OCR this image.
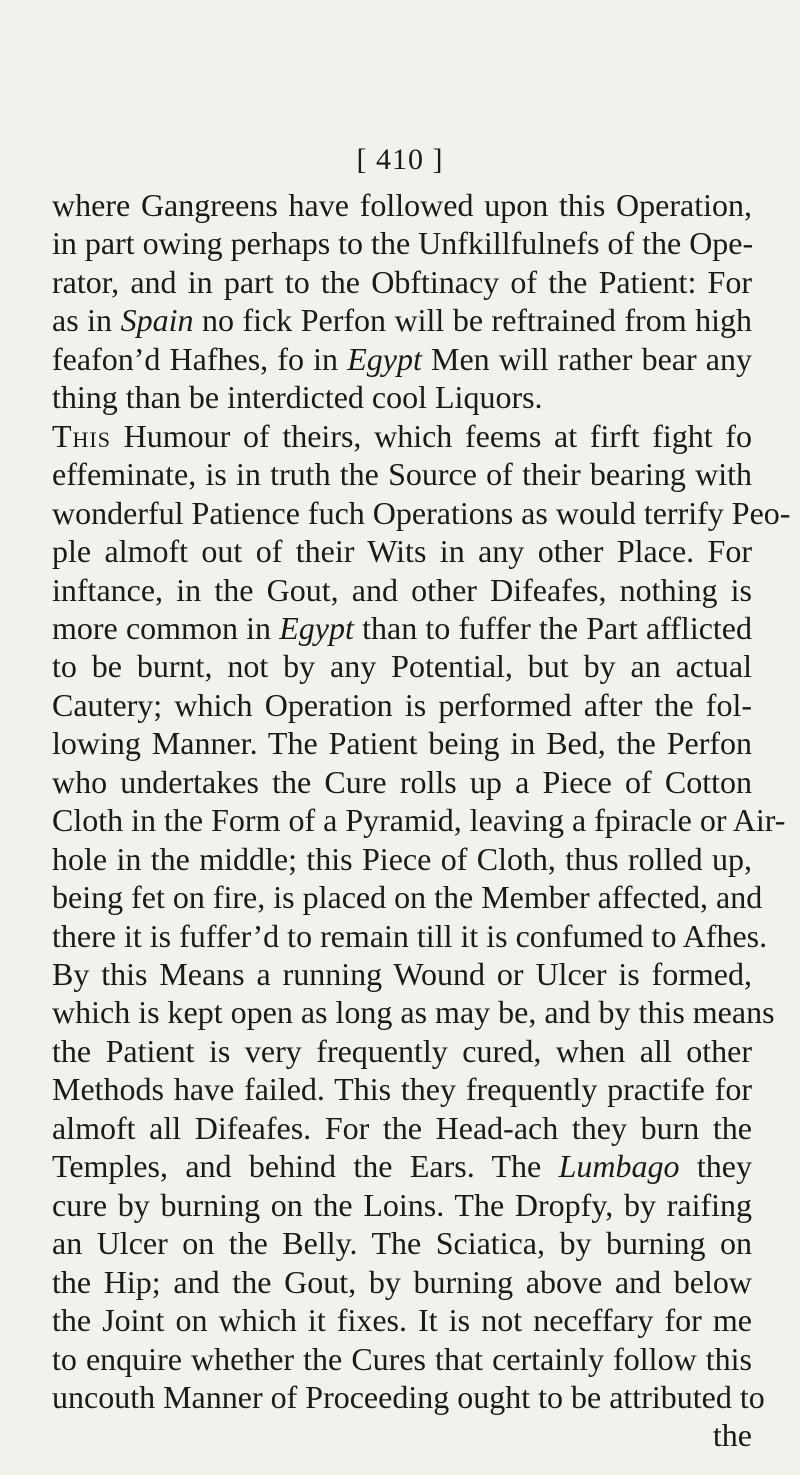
[ 410 ]
where Gangreens have followed upon this Operation,
in part owing perhaps to the Unfkillfulnefs of the Ope-
rator, and in part to the Obftinacy of the Patient: For
as in Spain no fick Perfon will be reftrained from high
feafon’d Hafhes, fo in Egypt Men will rather bear any
thing than be interdicted cool Liquors.
This Humour of theirs, which feems at firft fight fo
effeminate, is in truth the Source of their bearing with
wonderful Patience fuch Operations as would terrify Peo-
ple almoft out of their Wits in any other Place. For
inftance, in the Gout, and other Difeafes, nothing is
more common in Egypt than to fuffer the Part afflicted
to be burnt, not by any Potential, but by an actual
Cautery; which Operation is performed after the fol-
lowing Manner. The Patient being in Bed, the Perfon
who undertakes the Cure rolls up a Piece of Cotton
Cloth in the Form of a Pyramid, leaving a fpiracle or Air-
hole in the middle; this Piece of Cloth, thus rolled up,
being fet on fire, is placed on the Member affected, and
there it is fuffer’d to remain till it is confumed to Afhes.
By this Means a running Wound or Ulcer is formed,
which is kept open as long as may be, and by this means
the Patient is very frequently cured, when all other
Methods have failed. This they frequently practife for
almoft all Difeafes. For the Head-ach they burn the
Temples, and behind the Ears. The Lumbago they
cure by burning on the Loins. The Dropfy, by raifing
an Ulcer on the Belly. The Sciatica, by burning on
the Hip; and the Gout, by burning above and below
the Joint on which it fixes. It is not neceffary for me
to enquire whether the Cures that certainly follow this
uncouth Manner of Proceeding ought to be attributed to
the
